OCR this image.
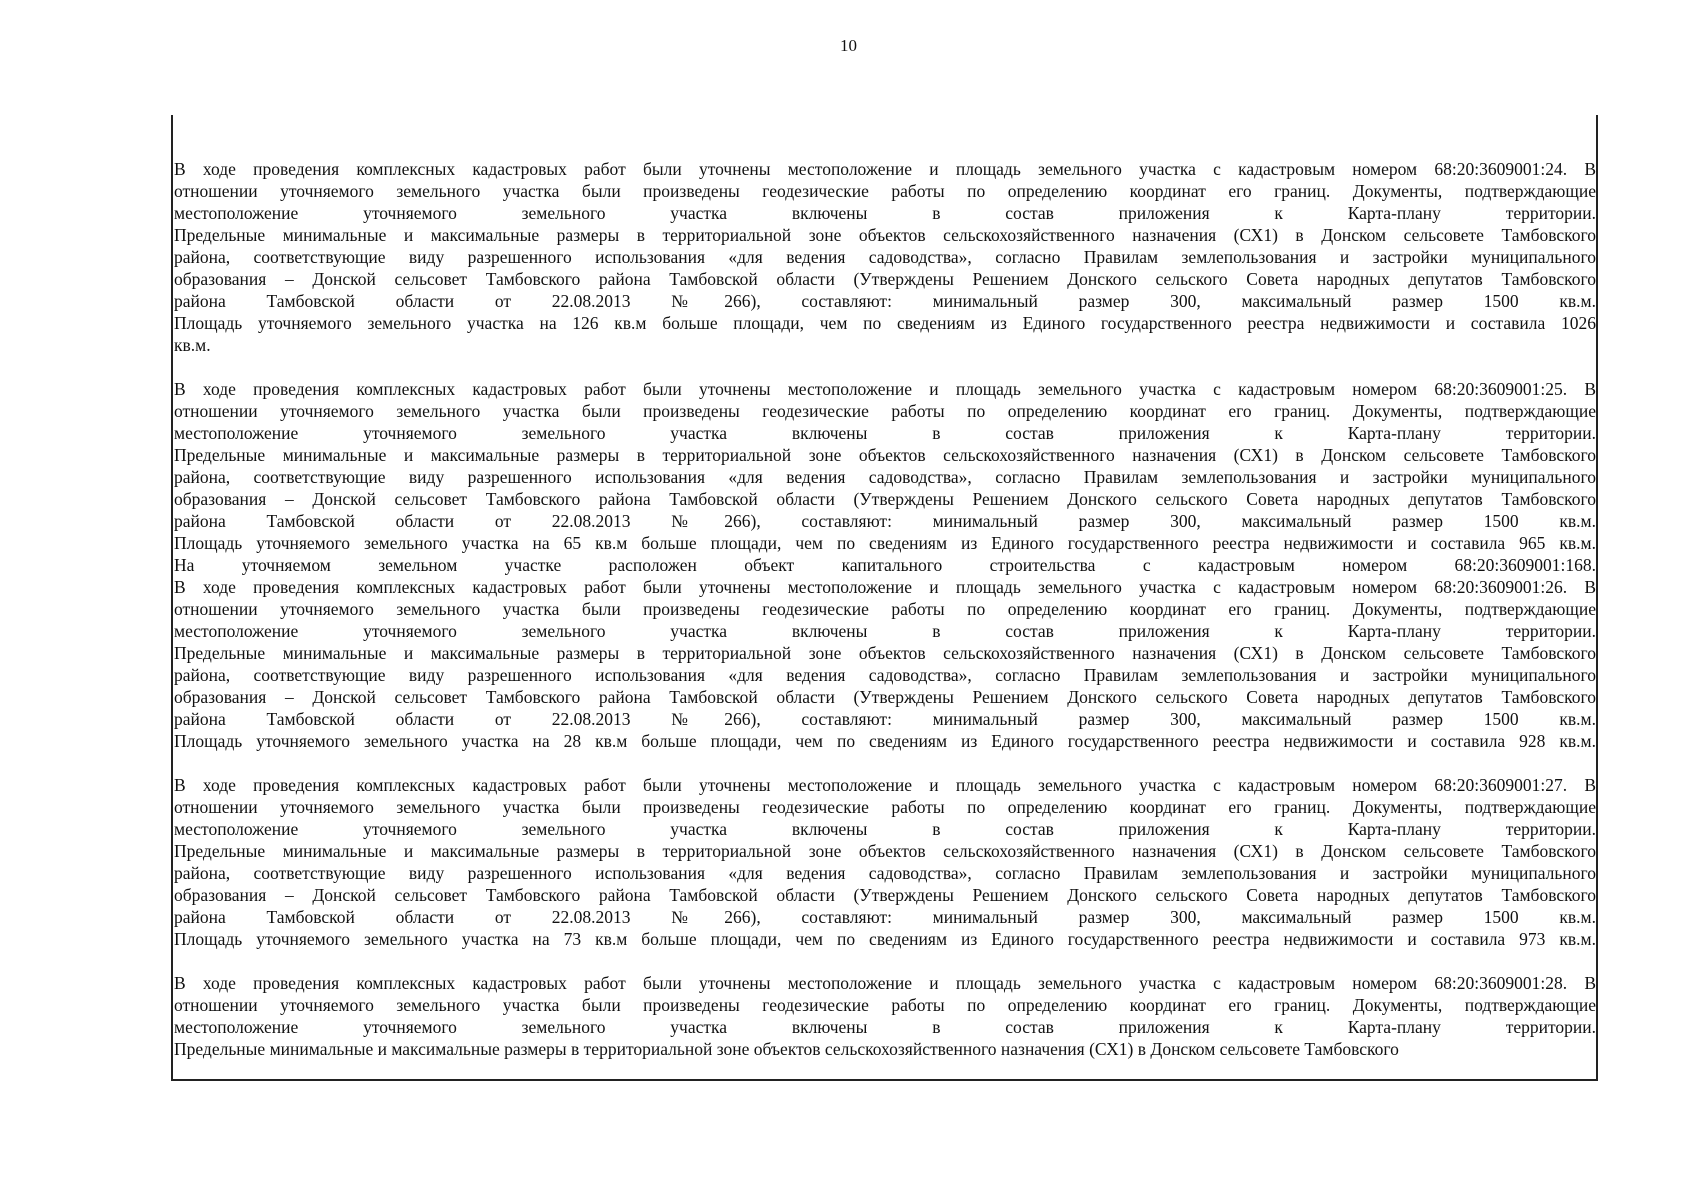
10
В ходе проведения комплексных кадастровых работ были уточнены местоположение и площадь земельного участка с кадастровым номером 68:20:3609001:24. В
отношении уточняемого земельного участка были произведены геодезические работы по определению координат его границ. Документы, подтверждающие
местоположение уточняемого земельного участка включены в состав приложения к Карта-плану территории.
Предельные минимальные и максимальные размеры в территориальной зоне объектов сельскохозяйственного назначения (СХ1) в Донском сельсовете Тамбовского
района, соответствующие виду разрешенного использования «для ведения садоводства», согласно Правилам землепользования и застройки муниципального
образования – Донской сельсовет Тамбовского района Тамбовской области (Утверждены Решением Донского сельского Совета народных депутатов Тамбовского
района Тамбовской области от 22.08.2013 №266), составляют: минимальный размер 300, максимальный размер 1500 кв.м.
Площадь уточняемого земельного участка на 126 кв.м больше площади, чем по сведениям из Единого государственного реестра недвижимости и составила 1026
кв.м.
В ходе проведения комплексных кадастровых работ были уточнены местоположение и площадь земельного участка с кадастровым номером 68:20:3609001:25. В
отношении уточняемого земельного участка были произведены геодезические работы по определению координат его границ. Документы, подтверждающие
местоположение уточняемого земельного участка включены в состав приложения к Карта-плану территории.
Предельные минимальные и максимальные размеры в территориальной зоне объектов сельскохозяйственного назначения (СХ1) в Донском сельсовете Тамбовского
района, соответствующие виду разрешенного использования «для ведения садоводства», согласно Правилам землепользования и застройки муниципального
образования – Донской сельсовет Тамбовского района Тамбовской области (Утверждены Решением Донского сельского Совета народных депутатов Тамбовского
района Тамбовской области от 22.08.2013 №266), составляют: минимальный размер 300, максимальный размер 1500 кв.м.
Площадь уточняемого земельного участка на 65 кв.м больше площади, чем по сведениям из Единого государственного реестра недвижимости и составила 965 кв.м.
На уточняемом земельном участке расположен объект капитального строительства с кадастровым номером 68:20:3609001:168.
В ходе проведения комплексных кадастровых работ были уточнены местоположение и площадь земельного участка с кадастровым номером 68:20:3609001:26. В
отношении уточняемого земельного участка были произведены геодезические работы по определению координат его границ. Документы, подтверждающие
местоположение уточняемого земельного участка включены в состав приложения к Карта-плану территории.
Предельные минимальные и максимальные размеры в территориальной зоне объектов сельскохозяйственного назначения (СХ1) в Донском сельсовете Тамбовского
района, соответствующие виду разрешенного использования «для ведения садоводства», согласно Правилам землепользования и застройки муниципального
образования – Донской сельсовет Тамбовского района Тамбовской области (Утверждены Решением Донского сельского Совета народных депутатов Тамбовского
района Тамбовской области от 22.08.2013 №266), составляют: минимальный размер 300, максимальный размер 1500 кв.м.
Площадь уточняемого земельного участка на 28 кв.м больше площади, чем по сведениям из Единого государственного реестра недвижимости и составила 928 кв.м.
В ходе проведения комплексных кадастровых работ были уточнены местоположение и площадь земельного участка с кадастровым номером 68:20:3609001:27. В
отношении уточняемого земельного участка были произведены геодезические работы по определению координат его границ. Документы, подтверждающие
местоположение уточняемого земельного участка включены в состав приложения к Карта-плану территории.
Предельные минимальные и максимальные размеры в территориальной зоне объектов сельскохозяйственного назначения (СХ1) в Донском сельсовете Тамбовского
района, соответствующие виду разрешенного использования «для ведения садоводства», согласно Правилам землепользования и застройки муниципального
образования – Донской сельсовет Тамбовского района Тамбовской области (Утверждены Решением Донского сельского Совета народных депутатов Тамбовского
района Тамбовской области от 22.08.2013 №266), составляют: минимальный размер 300, максимальный размер 1500 кв.м.
Площадь уточняемого земельного участка на 73 кв.м больше площади, чем по сведениям из Единого государственного реестра недвижимости и составила 973 кв.м.
В ходе проведения комплексных кадастровых работ были уточнены местоположение и площадь земельного участка с кадастровым номером 68:20:3609001:28. В
отношении уточняемого земельного участка были произведены геодезические работы по определению координат его границ. Документы, подтверждающие
местоположение уточняемого земельного участка включены в состав приложения к Карта-плану территории.
Предельные минимальные и максимальные размеры в территориальной зоне объектов сельскохозяйственного назначения (СХ1) в Донском сельсовете Тамбовского
